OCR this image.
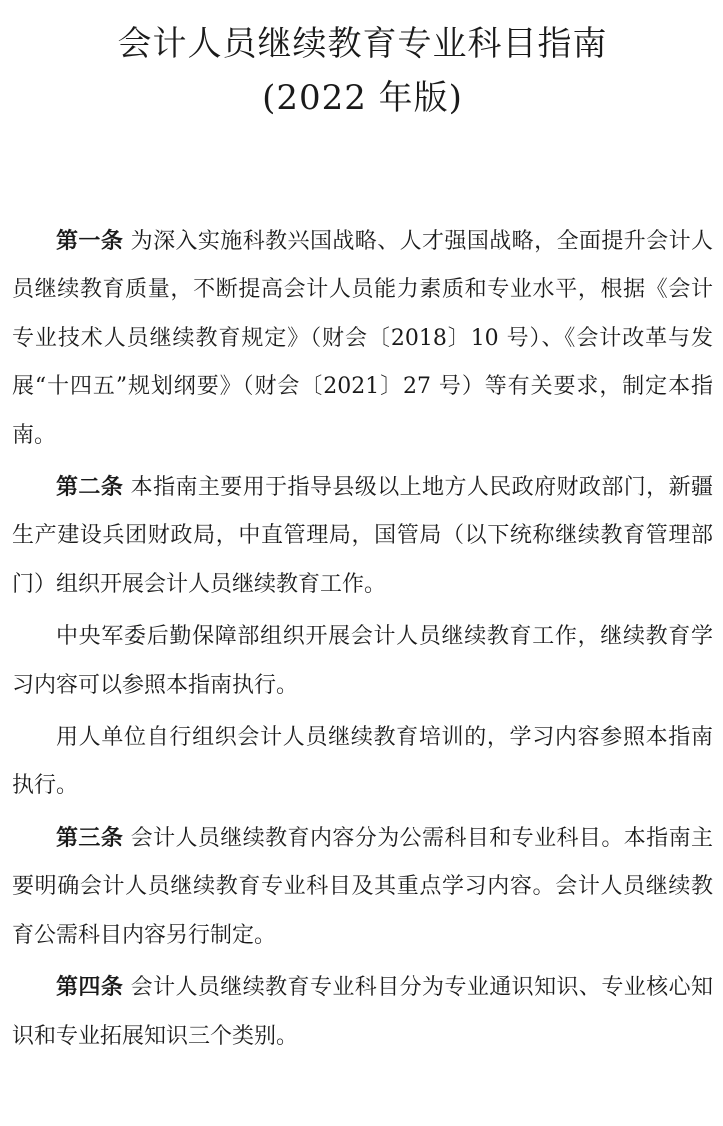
会计人员继续教育专业科目指南
(2022 年版)

第一条 为深入实施科教兴国战略、人才强国战略，全面提升会计人员继续教育质量，不断提高会计人员能力素质和专业水平，根据《会计专业技术人员继续教育规定》（财会〔2018〕10 号）、《会计改革与发展“十四五”规划纲要》（财会〔2021〕27 号）等有关要求，制定本指南。

第二条 本指南主要用于指导县级以上地方人民政府财政部门，新疆生产建设兵团财政局，中直管理局，国管局（以下统称继续教育管理部门）组织开展会计人员继续教育工作。

中央军委后勤保障部组织开展会计人员继续教育工作，继续教育学习内容可以参照本指南执行。

用人单位自行组织会计人员继续教育培训的，学习内容参照本指南执行。

第三条 会计人员继续教育内容分为公需科目和专业科目。本指南主要明确会计人员继续教育专业科目及其重点学习内容。会计人员继续教育公需科目内容另行制定。

第四条 会计人员继续教育专业科目分为专业通识知识、专业核心知识和专业拓展知识三个类别。
